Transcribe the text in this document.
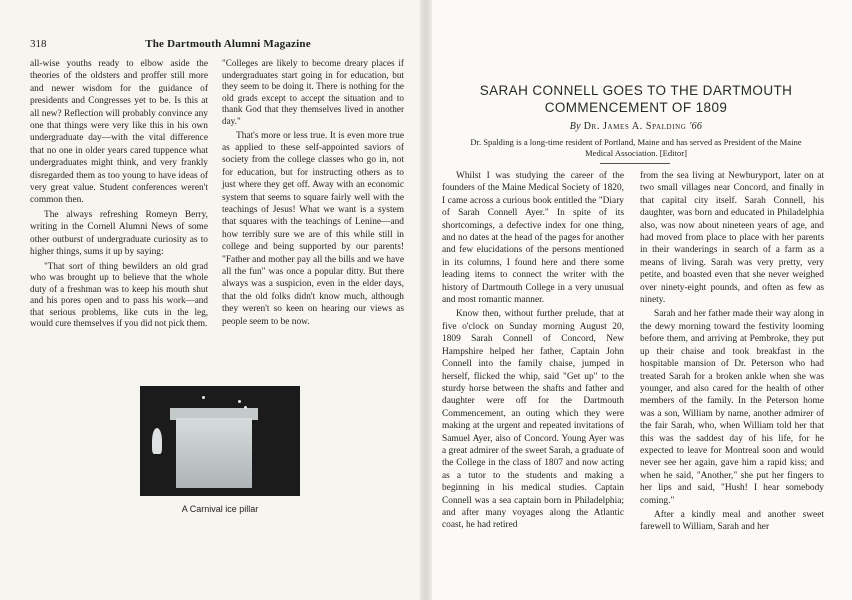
318	The Dartmouth Alumni Magazine

all-wise youths ready to elbow aside the theories of the oldsters and proffer still more and newer wisdom for the guidance of presidents and Congresses yet to be. Is this at all new? Reflection will probably convince any one that things were very like this in his own undergraduate day—with the vital difference that no one in older years cared tuppence what undergraduates might think, and very frankly disregarded them as too young to have ideas of very great value. Student conferences weren't common then.

The always refreshing Romeyn Berry, writing in the Cornell Alumni News of some other outburst of undergraduate curiosity as to higher things, sums it up by saying:

"That sort of thing bewilders an old grad who was brought up to believe that the whole duty of a freshman was to keep his mouth shut and his pores open and to pass his work—and that serious problems, like cuts in the leg, would cure themselves if you did not pick them.

"Colleges are likely to become dreary places if undergraduates start going in for education, but they seem to be doing it. There is nothing for the old grads except to accept the situation and to thank God that they themselves lived in another day."

That's more or less true. It is even more true as applied to these self-appointed saviors of society from the college classes who go in, not for education, but for instructing others as to just where they get off. Away with an economic system that seems to square fairly well with the teachings of Jesus! What we want is a system that squares with the teachings of Lenine—and how terribly sure we are of this while still in college and being supported by our parents! "Father and mother pay all the bills and we have all the fun" was once a popular ditty. But there always was a suspicion, even in the elder days, that the old folks didn't know much, although they weren't so keen on hearing our views as people seem to be now.

A Carnival ice pillar
SARAH CONNELL GOES TO THE DARTMOUTH
COMMENCEMENT OF 1809
By Dr. James A. Spalding '66
Dr. Spalding is a long-time resident of Portland, Maine and has served as President of the Maine Medical Association. [Editor]

Whilst I was studying the career of the founders of the Maine Medical Society of 1820, I came across a curious book entitled the "Diary of Sarah Connell Ayer." In spite of its shortcomings, a defective index for one thing, and no dates at the head of the pages for another and few elucidations of the persons mentioned in its columns, I found here and there some leading items to connect the writer with the history of Dartmouth College in a very unusual and most romantic manner.

Know then, without further prelude, that at five o'clock on Sunday morning August 20, 1809 Sarah Connell of Concord, New Hampshire helped her father, Captain John Connell into the family chaise, jumped in herself, flicked the whip, said "Get up" to the sturdy horse between the shafts and father and daughter were off for the Dartmouth Commencement, an outing which they were making at the urgent and repeated invitations of Samuel Ayer, also of Concord. Young Ayer was a great admirer of the sweet Sarah, a graduate of the College in the class of 1807 and now acting as a tutor to the students and making a beginning in his medical studies. Captain Connell was a sea captain born in Philadelphia; and after many voyages along the Atlantic coast, he had retired

from the sea living at Newburyport, later on at two small villages near Concord, and finally in that capital city itself. Sarah Connell, his daughter, was born and educated in Philadelphia also, was now about nineteen years of age, and had moved from place to place with her parents in their wanderings in search of a farm as a means of living. Sarah was very pretty, very petite, and boasted even that she never weighed over ninety-eight pounds, and often as few as ninety.

Sarah and her father made their way along in the dewy morning toward the festivity looming before them, and arriving at Pembroke, they put up their chaise and took breakfast in the hospitable mansion of Dr. Peterson who had treated Sarah for a broken ankle when she was younger, and also cared for the health of other members of the family. In the Peterson home was a son, William by name, another admirer of the fair Sarah, who, when William told her that this was the saddest day of his life, for he expected to leave for Montreal soon and would never see her again, gave him a rapid kiss; and when he said, "Another," she put her fingers to her lips and said, "Hush! I hear somebody coming."

After a kindly meal and another sweet farewell to William, Sarah and her
